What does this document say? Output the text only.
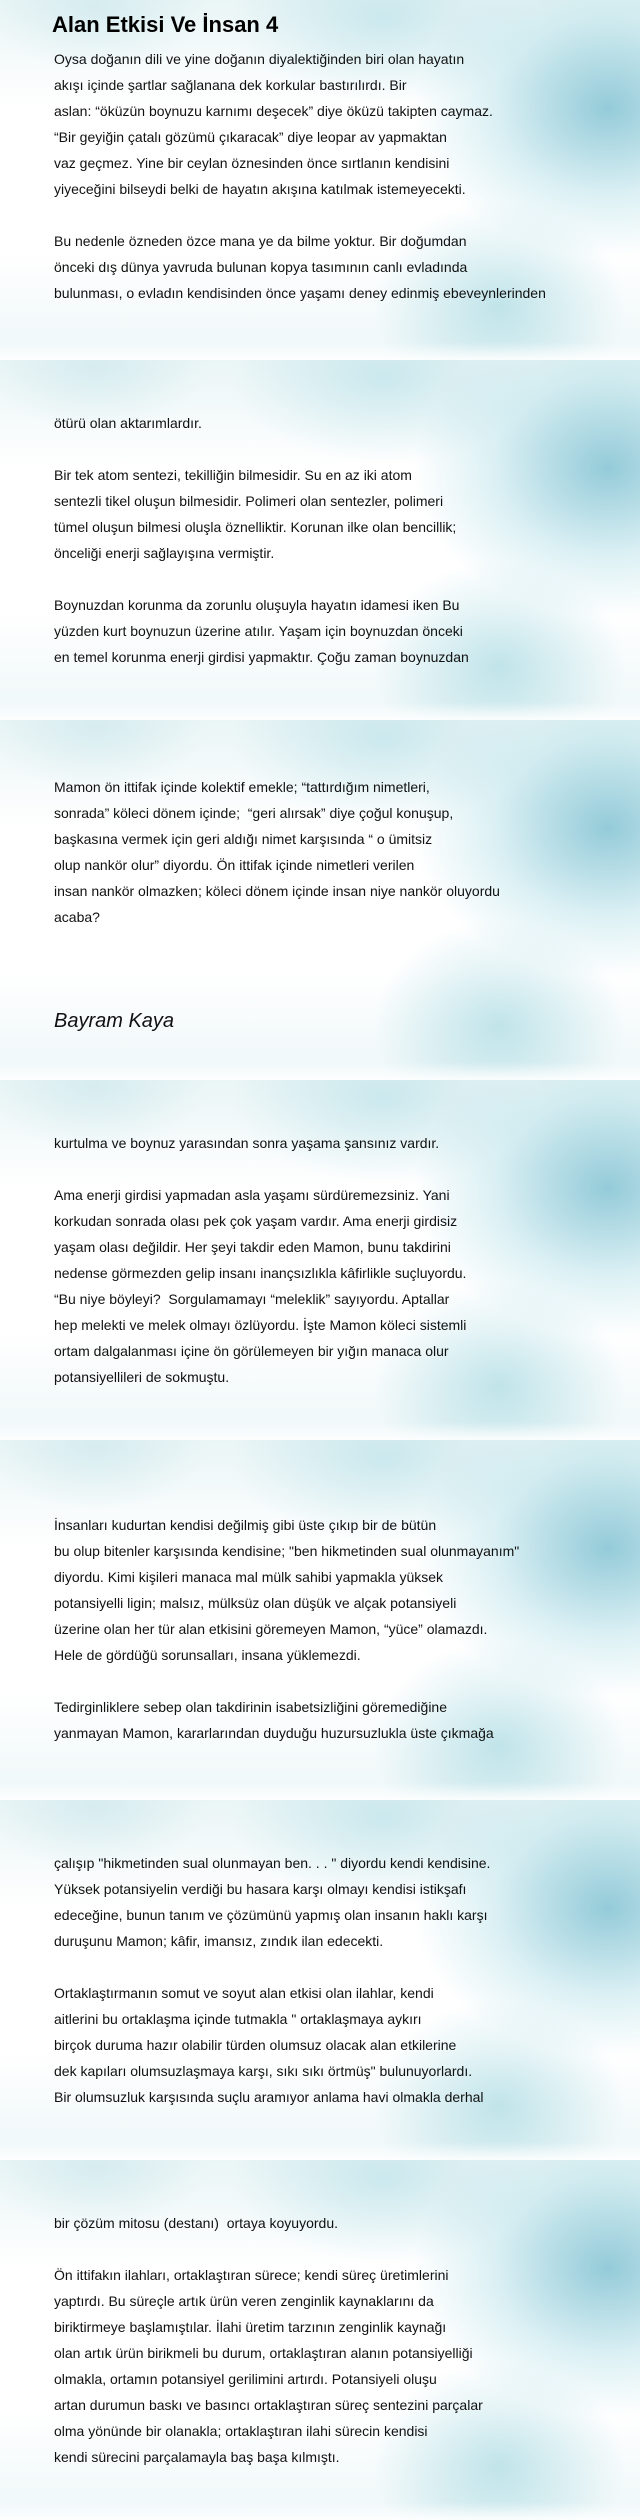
Alan Etkisi Ve İnsan 4

Oysa doğanın dili ve yine doğanın diyalektiğinden biri olan hayatın
akışı içinde şartlar sağlanana dek korkular bastırılırdı. Bir
aslan: “öküzün boynuzu karnımı deşecek” diye öküzü takipten caymaz.
“Bir geyiğin çatalı gözümü çıkaracak” diye leopar av yapmaktan
vaz geçmez. Yine bir ceylan öznesinden önce sırtlanın kendisini
yiyeceğini bilseydi belki de hayatın akışına katılmak istemeyecekti.

Bu nedenle özneden özce mana ye da bilme yoktur. Bir doğumdan
önceki dış dünya yavruda bulunan kopya tasımının canlı evladında
bulunması, o evladın kendisinden önce yaşamı deney edinmiş ebeveynlerinden

ötürü olan aktarımlardır.

Bir tek atom sentezi, tekilliğin bilmesidir. Su en az iki atom
sentezli tikel oluşun bilmesidir. Polimeri olan sentezler, polimeri
tümel oluşun bilmesi oluşla öznelliktir. Korunan ilke olan bencillik;
önceliği enerji sağlayışına vermiştir.

Boynuzdan korunma da zorunlu oluşuyla hayatın idamesi iken Bu
yüzden kurt boynuzun üzerine atılır. Yaşam için boynuzdan önceki
en temel korunma enerji girdisi yapmaktır. Çoğu zaman boynuzdan

Mamon ön ittifak içinde kolektif emekle; “tattırdığım nimetleri,
sonrada” köleci dönem içinde;  “geri alırsak” diye çoğul konuşup,
başkasına vermek için geri aldığı nimet karşısında “ o ümitsiz
olup nankör olur” diyordu. Ön ittifak içinde nimetleri verilen
insan nankör olmazken; köleci dönem içinde insan niye nankör oluyordu
acaba?

Bayram Kaya

kurtulma ve boynuz yarasından sonra yaşama şansınız vardır.

Ama enerji girdisi yapmadan asla yaşamı sürdüremezsiniz. Yani
korkudan sonrada olası pek çok yaşam vardır. Ama enerji girdisiz
yaşam olası değildir. Her şeyi takdir eden Mamon, bunu takdirini
nedense görmezden gelip insanı inançsızlıkla kâfirlikle suçluyordu.
“Bu niye böyleyi?  Sorgulamamayı “meleklik” sayıyordu. Aptallar
hep melekti ve melek olmayı özlüyordu. İşte Mamon köleci sistemli
ortam dalgalanması içine ön görülemeyen bir yığın manaca olur
potansiyellileri de sokmuştu.

İnsanları kudurtan kendisi değilmiş gibi üste çıkıp bir de bütün
bu olup bitenler karşısında kendisine; "ben hikmetinden sual olunmayanım"
diyordu. Kimi kişileri manaca mal mülk sahibi yapmakla yüksek
potansiyelli ligin; malsız, mülksüz olan düşük ve alçak potansiyeli
üzerine olan her tür alan etkisini göremeyen Mamon, “yüce” olamazdı.
Hele de gördüğü sorunsalları, insana yüklemezdi.

Tedirginliklere sebep olan takdirinin isabetsizliğini göremediğine
yanmayan Mamon, kararlarından duyduğu huzursuzlukla üste çıkmağa

çalışıp "hikmetinden sual olunmayan ben. . . " diyordu kendi kendisine.
Yüksek potansiyelin verdiği bu hasara karşı olmayı kendisi istikşafı
edeceğine, bunun tanım ve çözümünü yapmış olan insanın haklı karşı
duruşunu Mamon; kâfir, imansız, zındık ilan edecekti.

Ortaklaştırmanın somut ve soyut alan etkisi olan ilahlar, kendi
aitlerini bu ortaklaşma içinde tutmakla " ortaklaşmaya aykırı
birçok duruma hazır olabilir türden olumsuz olacak alan etkilerine
dek kapıları olumsuzlaşmaya karşı, sıkı sıkı örtmüş" bulunuyorlardı.
Bir olumsuzluk karşısında suçlu aramıyor anlama havi olmakla derhal

bir çözüm mitosu (destanı)  ortaya koyuyordu.

Ön ittifakın ilahları, ortaklaştıran sürece; kendi süreç üretimlerini
yaptırdı. Bu süreçle artık ürün veren zenginlik kaynaklarını da
biriktirmeye başlamıştılar. İlahi üretim tarzının zenginlik kaynağı
olan artık ürün birikmeli bu durum, ortaklaştıran alanın potansiyelliği
olmakla, ortamın potansiyel gerilimini artırdı. Potansiyeli oluşu
artan durumun baskı ve basıncı ortaklaştıran süreç sentezini parçalar
olma yönünde bir olanakla; ortaklaştıran ilahi sürecin kendisi
kendi sürecini parçalamayla baş başa kılmıştı.
